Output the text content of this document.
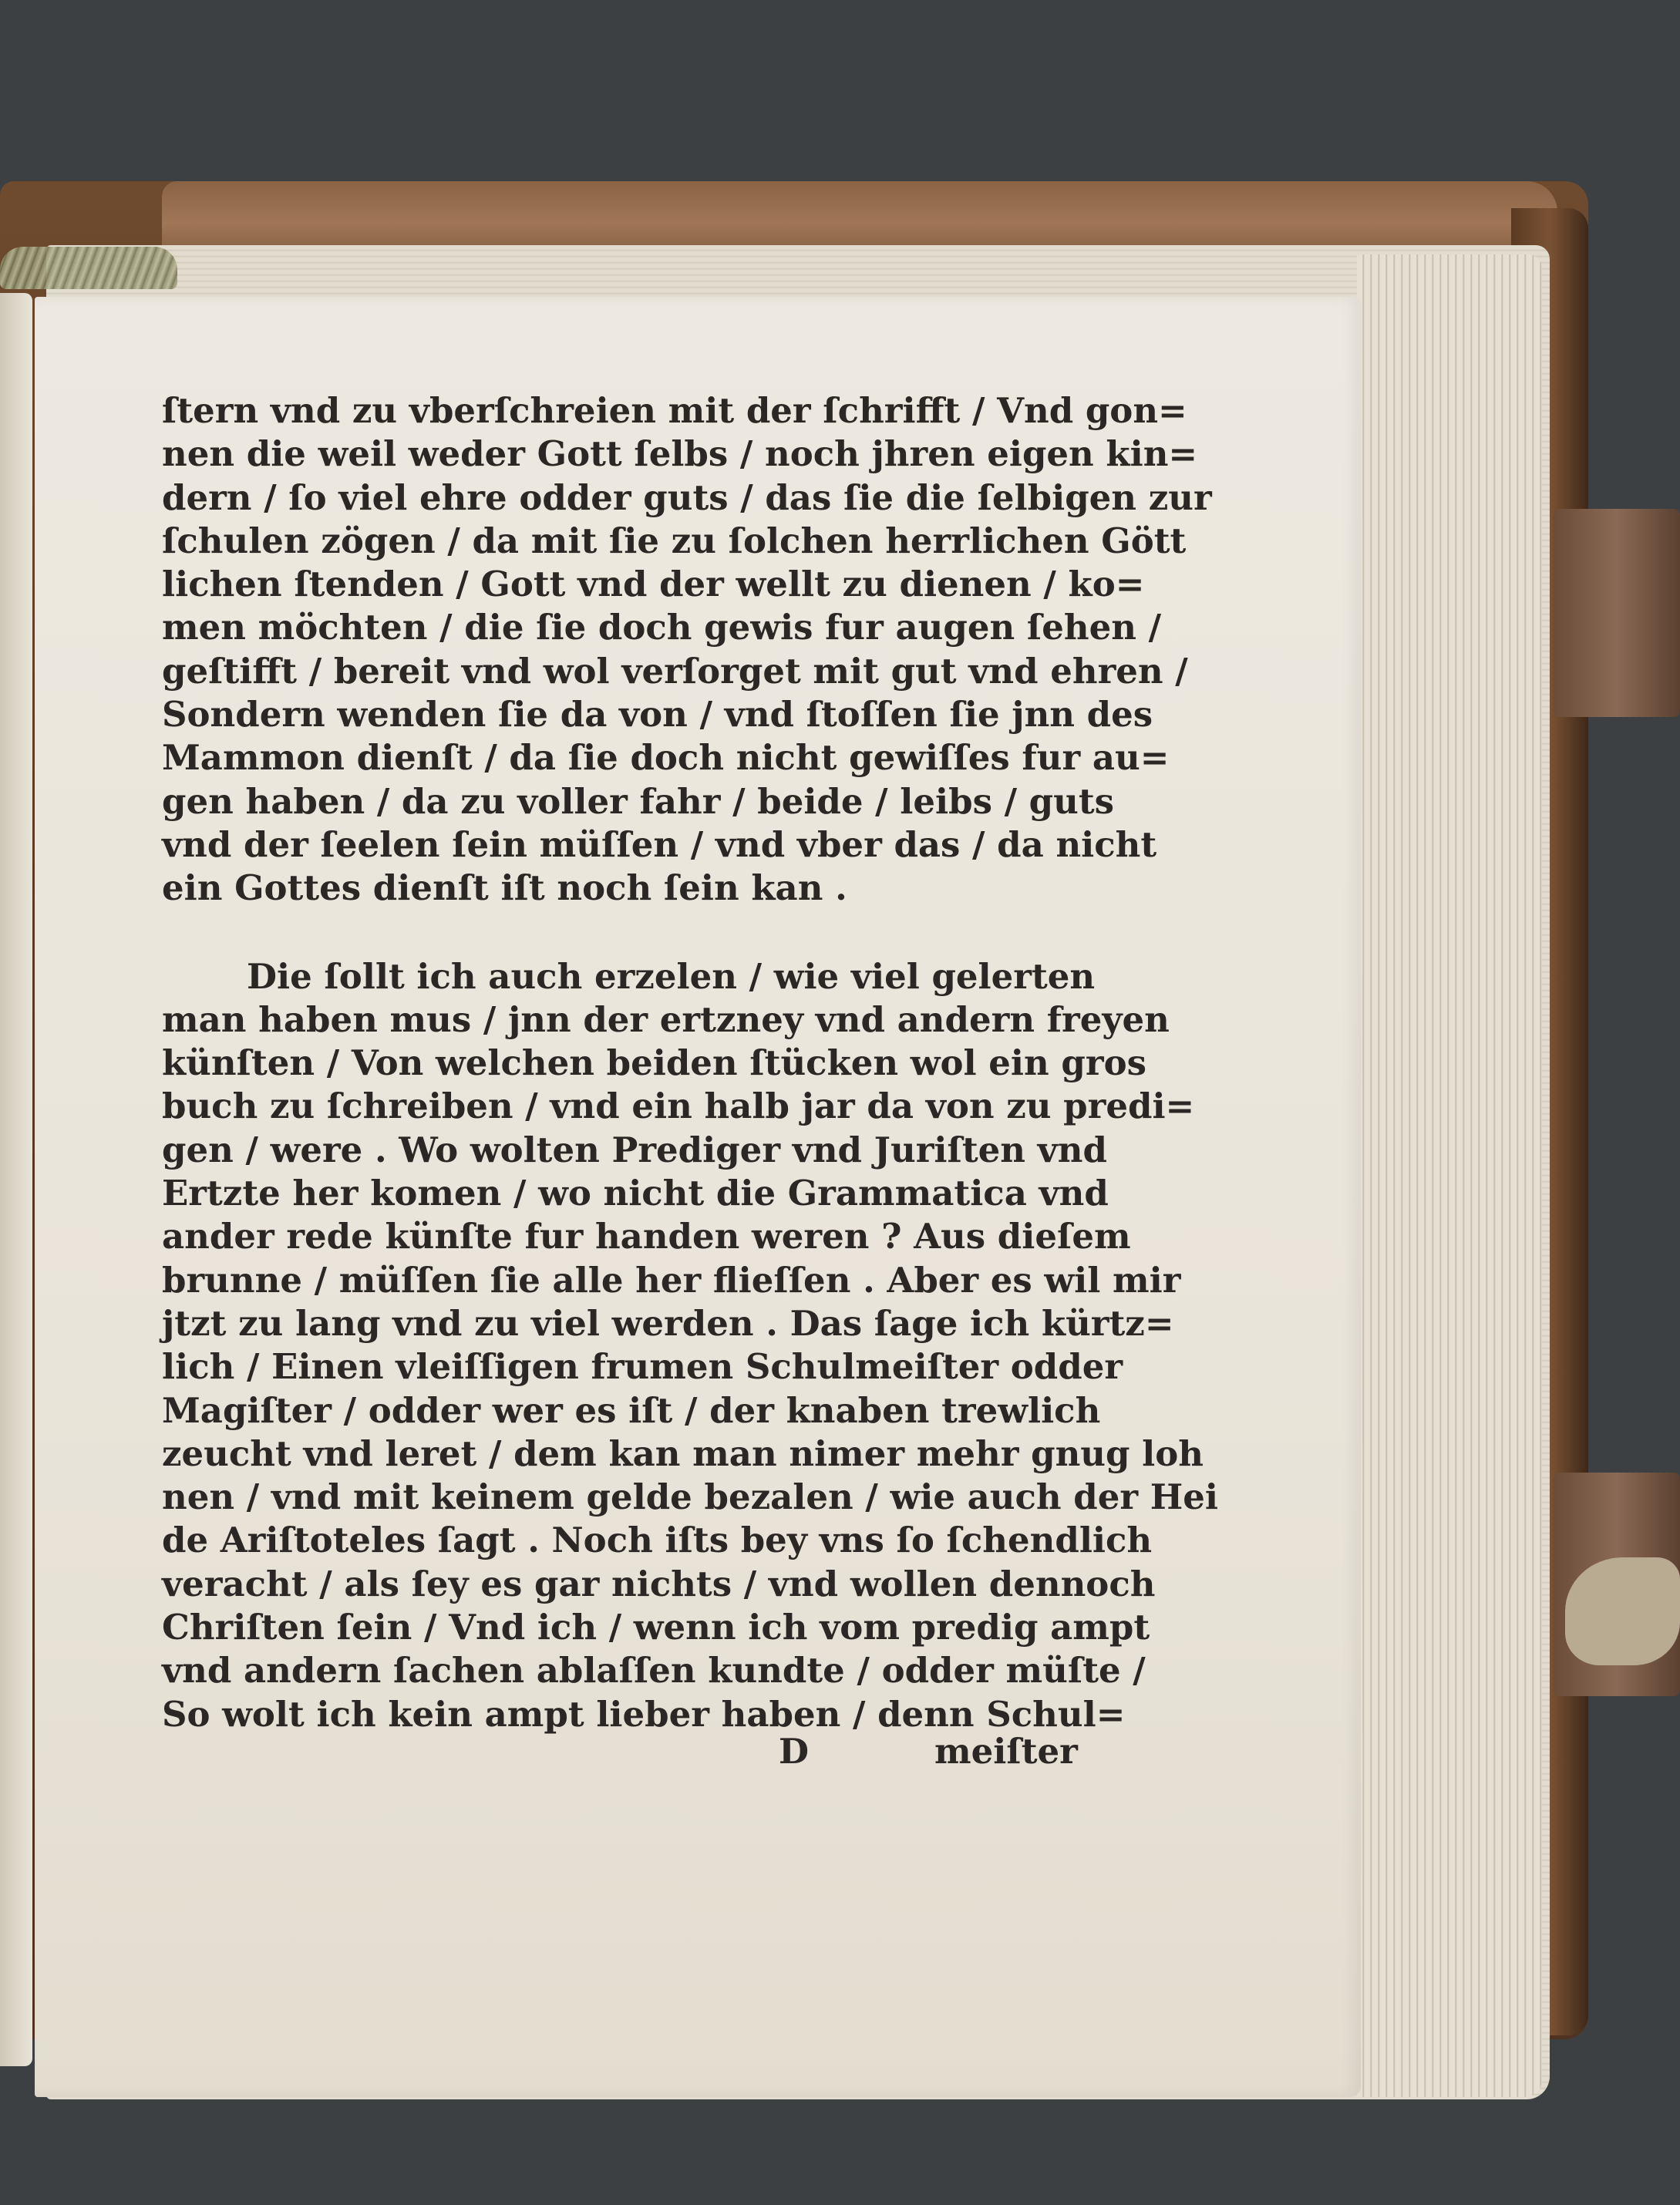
ſtern vnd zu vberſchreien mit der ſchrifft / Vnd gon=
nen die weil weder Gott ſelbs / noch jhren eigen kin=
dern / ſo viel ehre odder guts / das ſie die ſelbigen zur
ſchulen zögen / da mit ſie zu ſolchen herrlichen Gött
lichen ſtenden / Gott vnd der wellt zu dienen / ko=
men möchten / die ſie doch gewis fur augen ſehen /
geſtifft / bereit vnd wol verſorget mit gut vnd ehren /
Sondern wenden ſie da von / vnd ſtoſſen ſie jnn des
Mammon dienſt / da ſie doch nicht gewiſſes fur au=
gen haben / da zu voller fahr / beide / leibs / guts
vnd der ſeelen ſein müſſen / vnd vber das / da nicht
ein Gottes dienſt iſt noch ſein kan .
Die ſollt ich auch erzelen / wie viel gelerten
man haben mus / jnn der ertzney vnd andern freyen
künſten / Von welchen beiden ſtücken wol ein gros
buch zu ſchreiben / vnd ein halb jar da von zu predi=
gen / were . Wo wolten Prediger vnd Juriſten vnd
Ertzte her komen / wo nicht die Grammatica vnd
ander rede künſte fur handen weren ? Aus dieſem
brunne / müſſen ſie alle her flieſſen . Aber es wil mir
jtzt zu lang vnd zu viel werden . Das ſage ich kürtz=
lich / Einen vleiſſigen frumen Schulmeiſter odder
Magiſter / odder wer es iſt / der knaben trewlich
zeucht vnd leret / dem kan man nimer mehr gnug loh
nen / vnd mit keinem gelde bezalen / wie auch der Hei
de Ariſtoteles ſagt . Noch iſts bey vns ſo ſchendlich
veracht / als ſey es gar nichts / vnd wollen dennoch
Chriſten ſein / Vnd ich / wenn ich vom predig ampt
vnd andern ſachen ablaſſen kundte / odder müſte /
So wolt ich kein ampt lieber haben / denn Schul=
D	meiſter
